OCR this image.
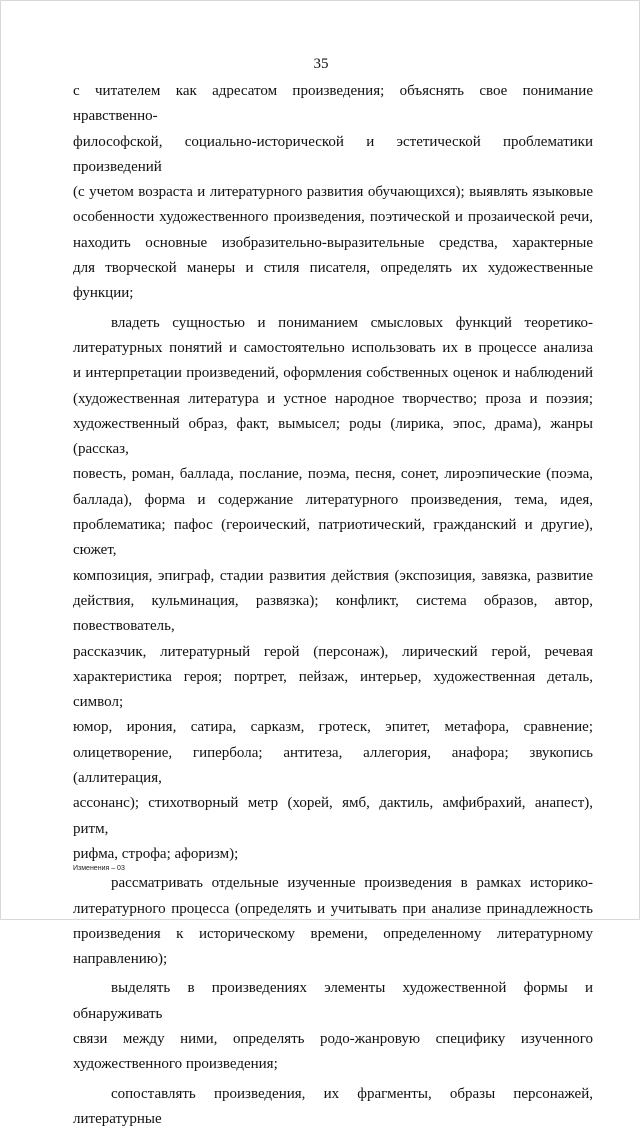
35

с читателем как адресатом произведения; объяснять свое понимание нравственно-
философской, социально-исторической и эстетической проблематики произведений
(с учетом возраста и литературного развития обучающихся); выявлять языковые
особенности художественного произведения, поэтической и прозаической речи,
находить основные изобразительно-выразительные средства, характерные
для творческой манеры и стиля писателя, определять их художественные функции;

владеть сущностью и пониманием смысловых функций теоретико-
литературных понятий и самостоятельно использовать их в процессе анализа
и интерпретации произведений, оформления собственных оценок и наблюдений
(художественная литература и устное народное творчество; проза и поэзия;
художественный образ, факт, вымысел; роды (лирика, эпос, драма), жанры (рассказ,
повесть, роман, баллада, послание, поэма, песня, сонет, лироэпические (поэма,
баллада), форма и содержание литературного произведения, тема, идея,
проблематика; пафос (героический, патриотический, гражданский и другие), сюжет,
композиция, эпиграф, стадии развития действия (экспозиция, завязка, развитие
действия, кульминация, развязка); конфликт, система образов, автор, повествователь,
рассказчик, литературный герой (персонаж), лирический герой, речевая
характеристика героя; портрет, пейзаж, интерьер, художественная деталь, символ;
юмор, ирония, сатира, сарказм, гротеск, эпитет, метафора, сравнение;
олицетворение, гипербола; антитеза, аллегория, анафора; звукопись (аллитерация,
ассонанс); стихотворный метр (хорей, ямб, дактиль, амфибрахий, анапест), ритм,
рифма, строфа; афоризм);

рассматривать отдельные изученные произведения в рамках историко-
литературного процесса (определять и учитывать при анализе принадлежность
произведения к историческому времени, определенному литературному
направлению);

выделять в произведениях элементы художественной формы и обнаруживать
связи между ними, определять родо-жанровую специфику изученного
художественного произведения;

сопоставлять произведения, их фрагменты, образы персонажей, литературные

Изменения – 03
